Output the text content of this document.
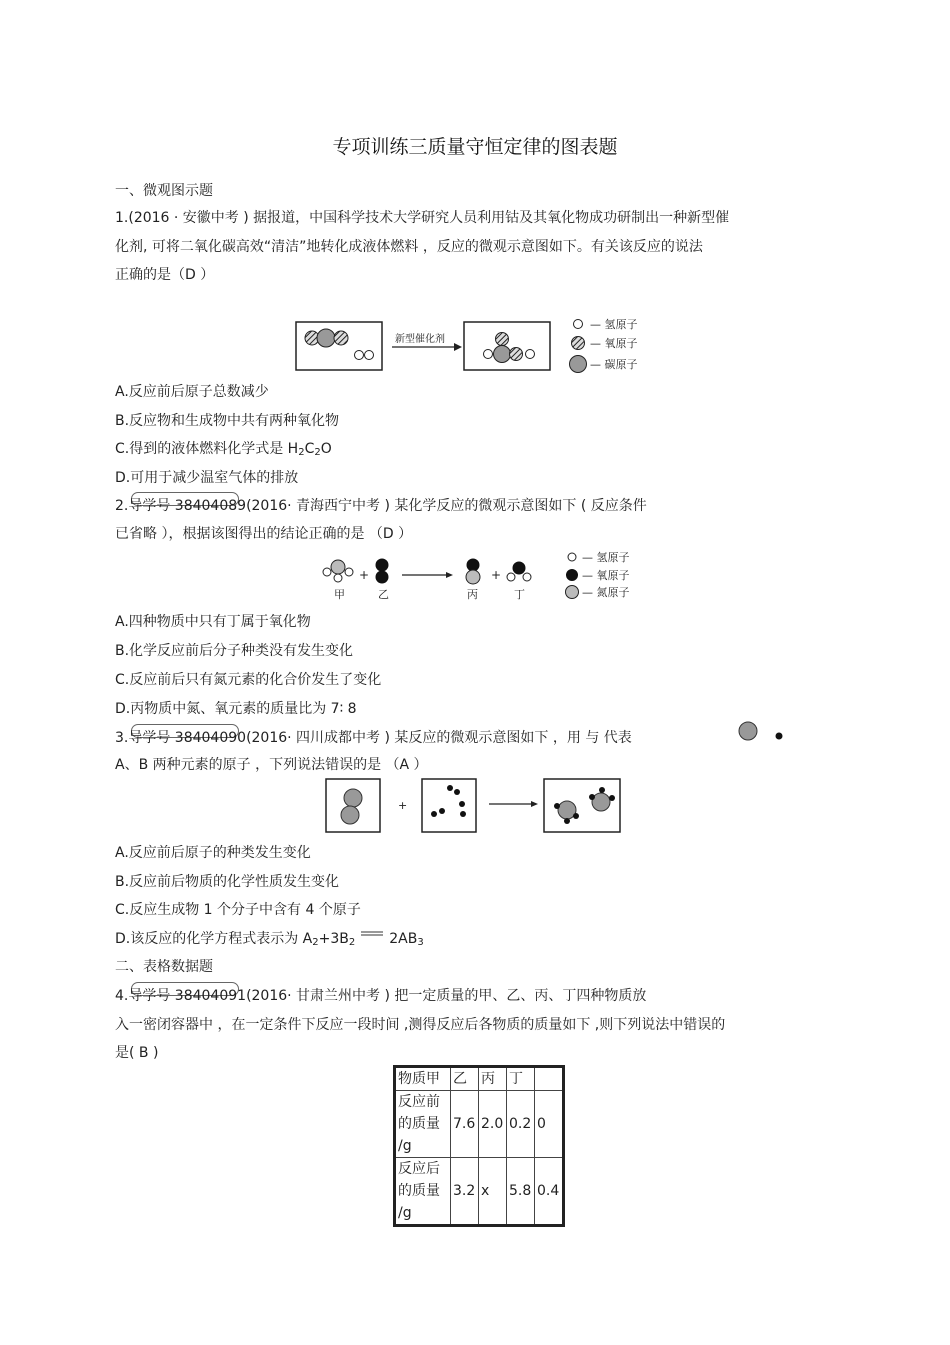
专项训练三质量守恒定律的图表题
一、微观图示题
1.(2016 · 安徽中考 ) 据报道，中国科学技术大学研究人员利用钴及其氧化物成功研制出一种新型催
化剂, 可将二氧化碳高效“清洁”地转化成液体燃料 ，反应的微观示意图如下。有关该反应的说法
正确的是（D ）
新型催化剂
— 氢原子
— 氧原子
— 碳原子
A.反应前后原子总数减少
B.反应物和生成物中共有两种氧化物
C.得到的液体燃料化学式是 $H_2C_2O$
D.可用于减少温室气体的排放
2.导学号 38404089(2016· 青海西宁中考 ) 某化学反应的微观示意图如下 ( 反应条件
已省略 ），根据该图得出的结论正确的是 （D ）
甲
+
乙	丙
+
丁
— 氢原子
— 氧原子
— 氮原子
A.四种物质中只有丁属于氧化物
B.化学反应前后分子种类没有发生变化
C.反应前后只有氮元素的化合价发生了变化
D.丙物质中氮、氧元素的质量比为 7∶ 8
3.导学号 38404090(2016· 四川成都中考 ) 某反应的微观示意图如下 ，用 与 代表
A、B 两种元素的原子 ，下列说法错误的是 （A ）
+
A.反应前后原子的种类发生变化
B.反应前后物质的化学性质发生变化
C.反应生成物 1 个分子中含有 4 个原子
D.该反应的化学方程式表示为 $A_2+3B_2$ $2AB_3$
二、表格数据题
4.导学号 38404091(2016· 甘肃兰州中考 ) 把一定质量的甲、乙、丙、丁四种物质放
入一密闭容器中 ，在一定条件下反应一段时间 ,测得反应后各物质的质量如下 ,则下列说法中错误的
是( B )
物质甲	乙	丙	丁	

反应前
的质量
/g	7.6	2.0	0.2	0

反应后
的质量
/g	3.2	x	5.8	0.4
